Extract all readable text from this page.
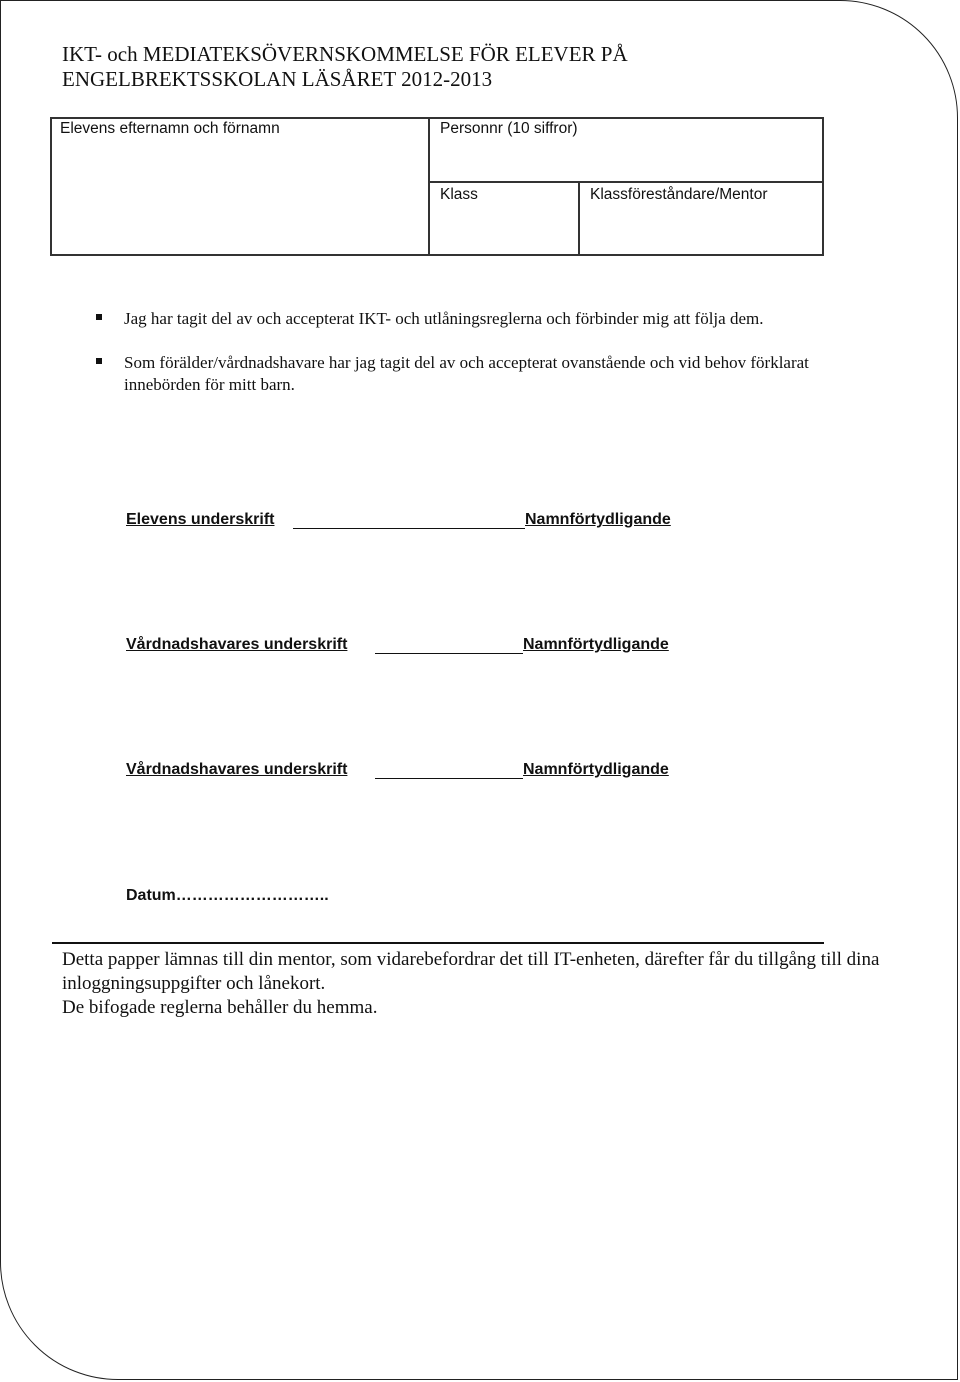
IKT- och MEDIATEKSÖVERNSKOMMELSE FÖR ELEVER PÅ
ENGELBREKTSSKOLAN LÄSÅRET 2012-2013
Elevens efternamn och förnamn	Personnr (10 siffror)
Klass	Klassföreståndare/Mentor
Jag har tagit del av och accepterat IKT- och utlåningsreglerna och förbinder mig att följa dem.
Som förälder/vårdnadshavare har jag tagit del av och accepterat ovanstående och vid behov förklarat innebörden för mitt barn.
Elevens underskrift	Namnförtydligande
Vårdnadshavares underskrift	Namnförtydligande
Vårdnadshavares underskrift	Namnförtydligande
Datum………………………..
Detta papper lämnas till din mentor, som vidarebefordrar det till IT-enheten, därefter får du tillgång till dina inloggningsuppgifter och lånekort.
De bifogade reglerna behåller du hemma.
